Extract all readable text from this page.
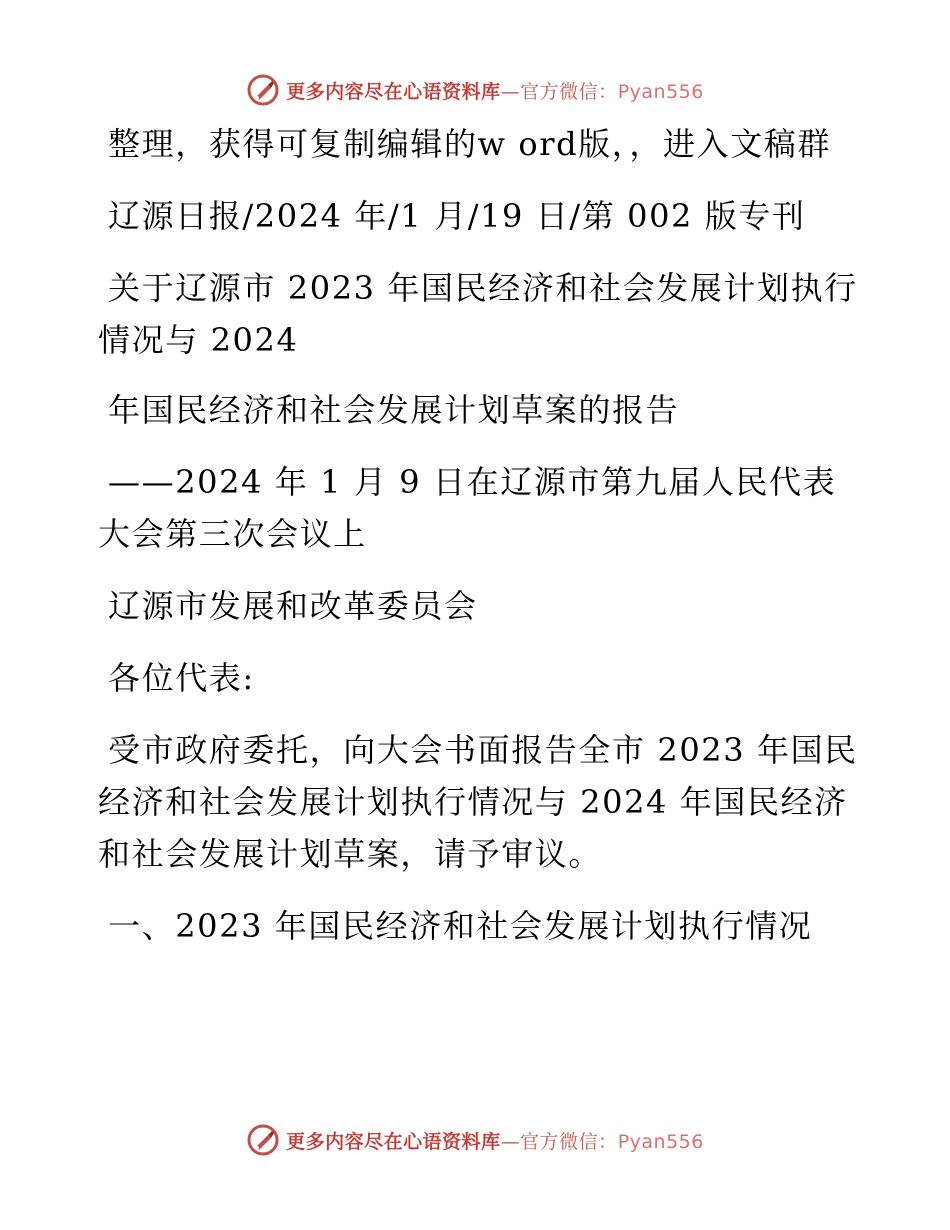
更多内容尽在心语资料库—官方微信：Pyan556

整理，获得可复制编辑的w ord版，，进入文稿群

辽源日报/2024 年/1 月/19 日/第 002 版专刊

关于辽源市 2023 年国民经济和社会发展计划执行情况与 2024

年国民经济和社会发展计划草案的报告

——2024 年 1 月 9 日在辽源市第九届人民代表大会第三次会议上

辽源市发展和改革委员会

各位代表:

受市政府委托，向大会书面报告全市 2023 年国民经济和社会发展计划执行情况与 2024 年国民经济和社会发展计划草案，请予审议。

一、2023 年国民经济和社会发展计划执行情况

更多内容尽在心语资料库—官方微信：Pyan556
